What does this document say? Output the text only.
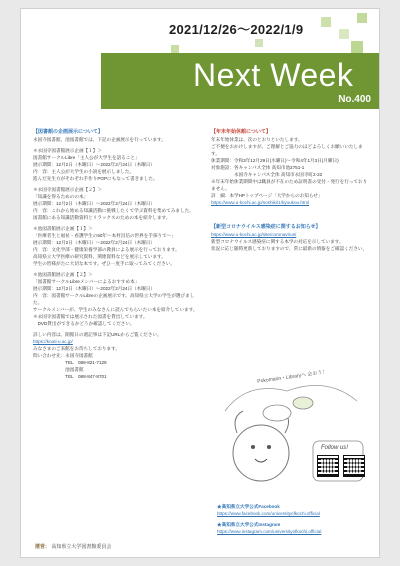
2021/12/26～2022/1/9
Next Week
No.400
【図書館の企画展示について】
永国寺図書館、池図書館では、下記の企画展示を行っています。
＊永国寺図書館展示企画【１】＞
図書館サークルLibre「主人公が大学生を語ること」
展示期間：12月2日（木曜日）～2022年2月24日（木曜日）
内　容：主人公が大学生の小説を展示しました。
進んだ先生方がそれぞれ手作りPOPにもなって書きました。
＊永国寺図書館展示企画【２】＞
「知識を得るためのの本」
展示期間：12月2日（木曜日）～2022年2月24日（木曜日）
内　容：これから始める知識活動に挑戦したくて学ぶ資料を集めてみました。
図書館にある知識活動資料とリラックスのための本を紹介します。
＊池図書館展示企画【１】＞
「医療者生と福祉・看護学生の50年～本村昌信の世界を手探りで～」
展示期間：12月2日（木曜日）～2022年2月24日（木曜日）
内　容：文化学部・健康栄養学部の教員による展示を行っております。
高知県立大学医療の研究資料、関連資料などを展示しています。
学生の皆様がたに大切な本です。ぜひ一度手に取ってみてください。
＊池図書館展示企画【２】＞
「図書館サークルLibreメンバーによるおすすめ本」
展示期間：12月2日（木曜日）～2022年2月24日（木曜日）
内　容：図書館サークルLibreの企画展示です。高知県立大学の学生が選びました。
サークルメンバーが、学生のみなさんに読んでもらいたい本を紹介しています。
＊永国寺図書館では展示された図書を貸出しています。
　DVD貸出ができるかどうか確認してください。
詳しい内容は、開館日の週記事は下記URLからご覧ください。
https://kouti-u.ac.jp/
みなさまのご来館をお待ちしております。
問い合わせ先：永国寺図書館
　　　　　　　TEL　088-821-7129
　　　　　　　池図書館
　　　　　　　TEL　088-847-8701
【年末年始休館について】
年末年始休業は、次のとおりといたします。
ご不便をおかけしますが、ご理解とご協力のほどよろしくお願いいたします。
休業期間：令和3年12月29日(水曜日)～令和4年1月3日(月曜日)
対象施設：各キャンパス全体 高知市池2751-1
　　　　　永国寺キャンパス全体 高知市永国寺町2-22
※年末年始休業期間中は職員が不在のため証明書の受付・発行を行っておりません。
詳　細：本学HPトップページ「大学からのお知らせ」
https://www.u-kochi.ac.jp/soshiki/1/kyuukou.html
【新型コロナウイルス感染症に関するお知らせ】
https://www.u-kochi.ac.jp/site/coronavirus/
新型コロナウイルス感染症に関する本学の対応を示しています。
状況に応じ随時更新しておりますので、常に最新の情報をご確認ください。
Pokomarin・Libraryへ 会おう！
Follow us!
★高知県立大学公式Facebook
https://www.facebook.com/universityofkochi.official
★高知県立大学公式Instagram
https://www.instagram.com/universityofkochi.official
運営： 高知県立大学図書館委員会
